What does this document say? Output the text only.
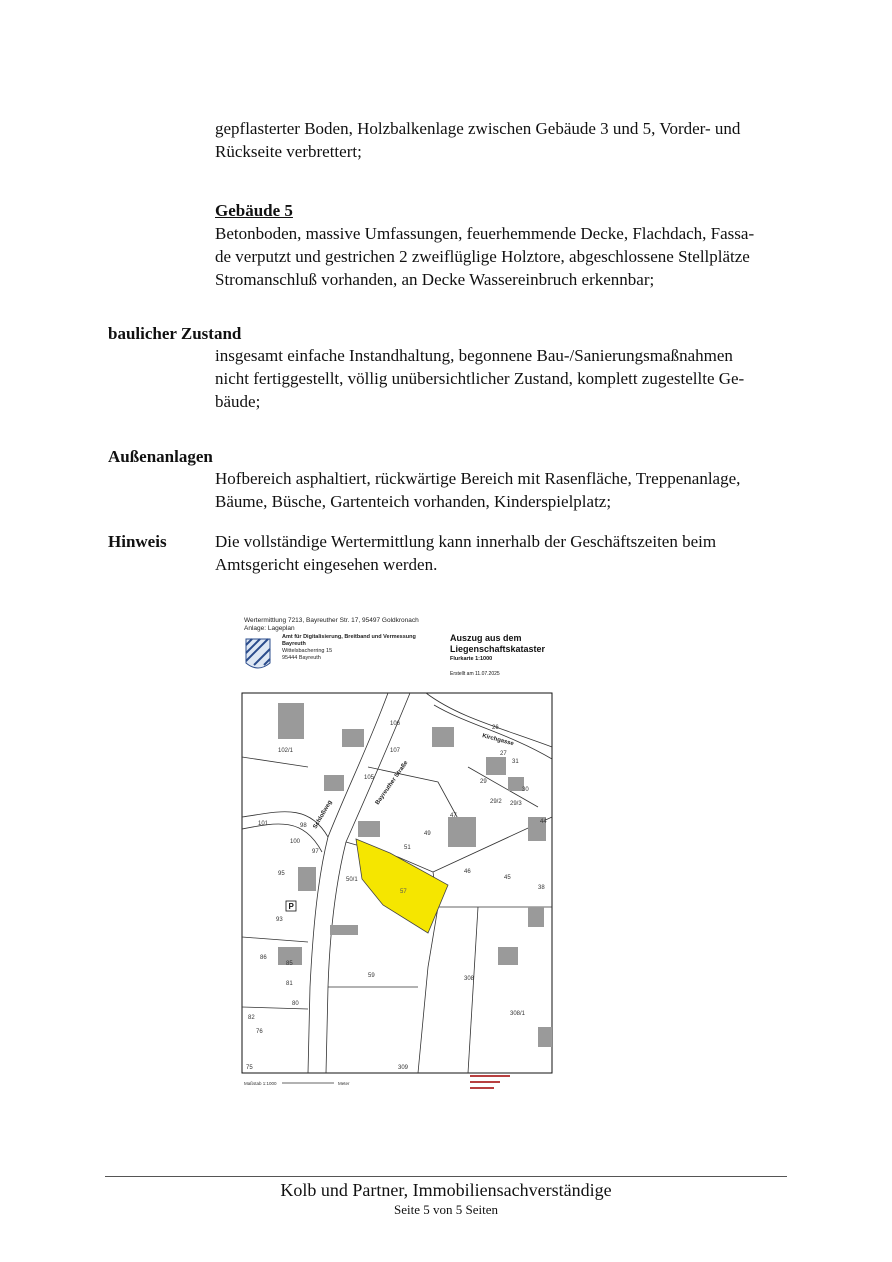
gepflasterter Boden, Holzbalkenlage zwischen Gebäude 3 und 5, Vorder- und
Rückseite verbrettert;
Gebäude 5
Betonboden, massive Umfassungen, feuerhemmende Decke, Flachdach, Fassa-
de verputzt und gestrichen 2 zweiflüglige Holztore, abgeschlossene Stellplätze
Stromanschluß vorhanden, an Decke Wassereinbruch erkennbar;
baulicher Zustand
insgesamt einfache Instandhaltung, begonnene Bau-/Sanierungsmaßnahmen
nicht fertiggestellt, völlig unübersichtlicher Zustand, komplett zugestellte Ge-
bäude;
Außenanlagen
Hofbereich asphaltiert, rückwärtige Bereich mit Rasenfläche, Treppenanlage,
Bäume, Büsche, Gartenteich vorhanden, Kinderspielplatz;
Hinweis	Die vollständige Wertermittlung kann innerhalb der Geschäftszeiten beim
Amtsgericht eingesehen werden.
Wertermittlung 7213, Bayreuther Str. 17, 95497 Goldkronach
Anlage: Lageplan
Amt für Digitalisierung, Breitband und Vermessung
Bayreuth
Wittelsbacherring 15
95444 Bayreuth
Auszug aus dem
Liegenschaftskataster
Flurkarte 1:1000
Erstellt am 11.07.2025
57
Bayreuther Straße
Kirchgasse
Schloßweg
106
107
105
102/1
101	98
100
97
95
93
49
51
50/1
47
46
45
38
29
29/2 29/3
30
31
27
26
308
308/1
309
59
76
75
80
81
85
86
82
44
P
Maßstab 1:1000	Meter
Kolb und Partner, Immobiliensachverständige
Seite 5 von 5 Seiten
